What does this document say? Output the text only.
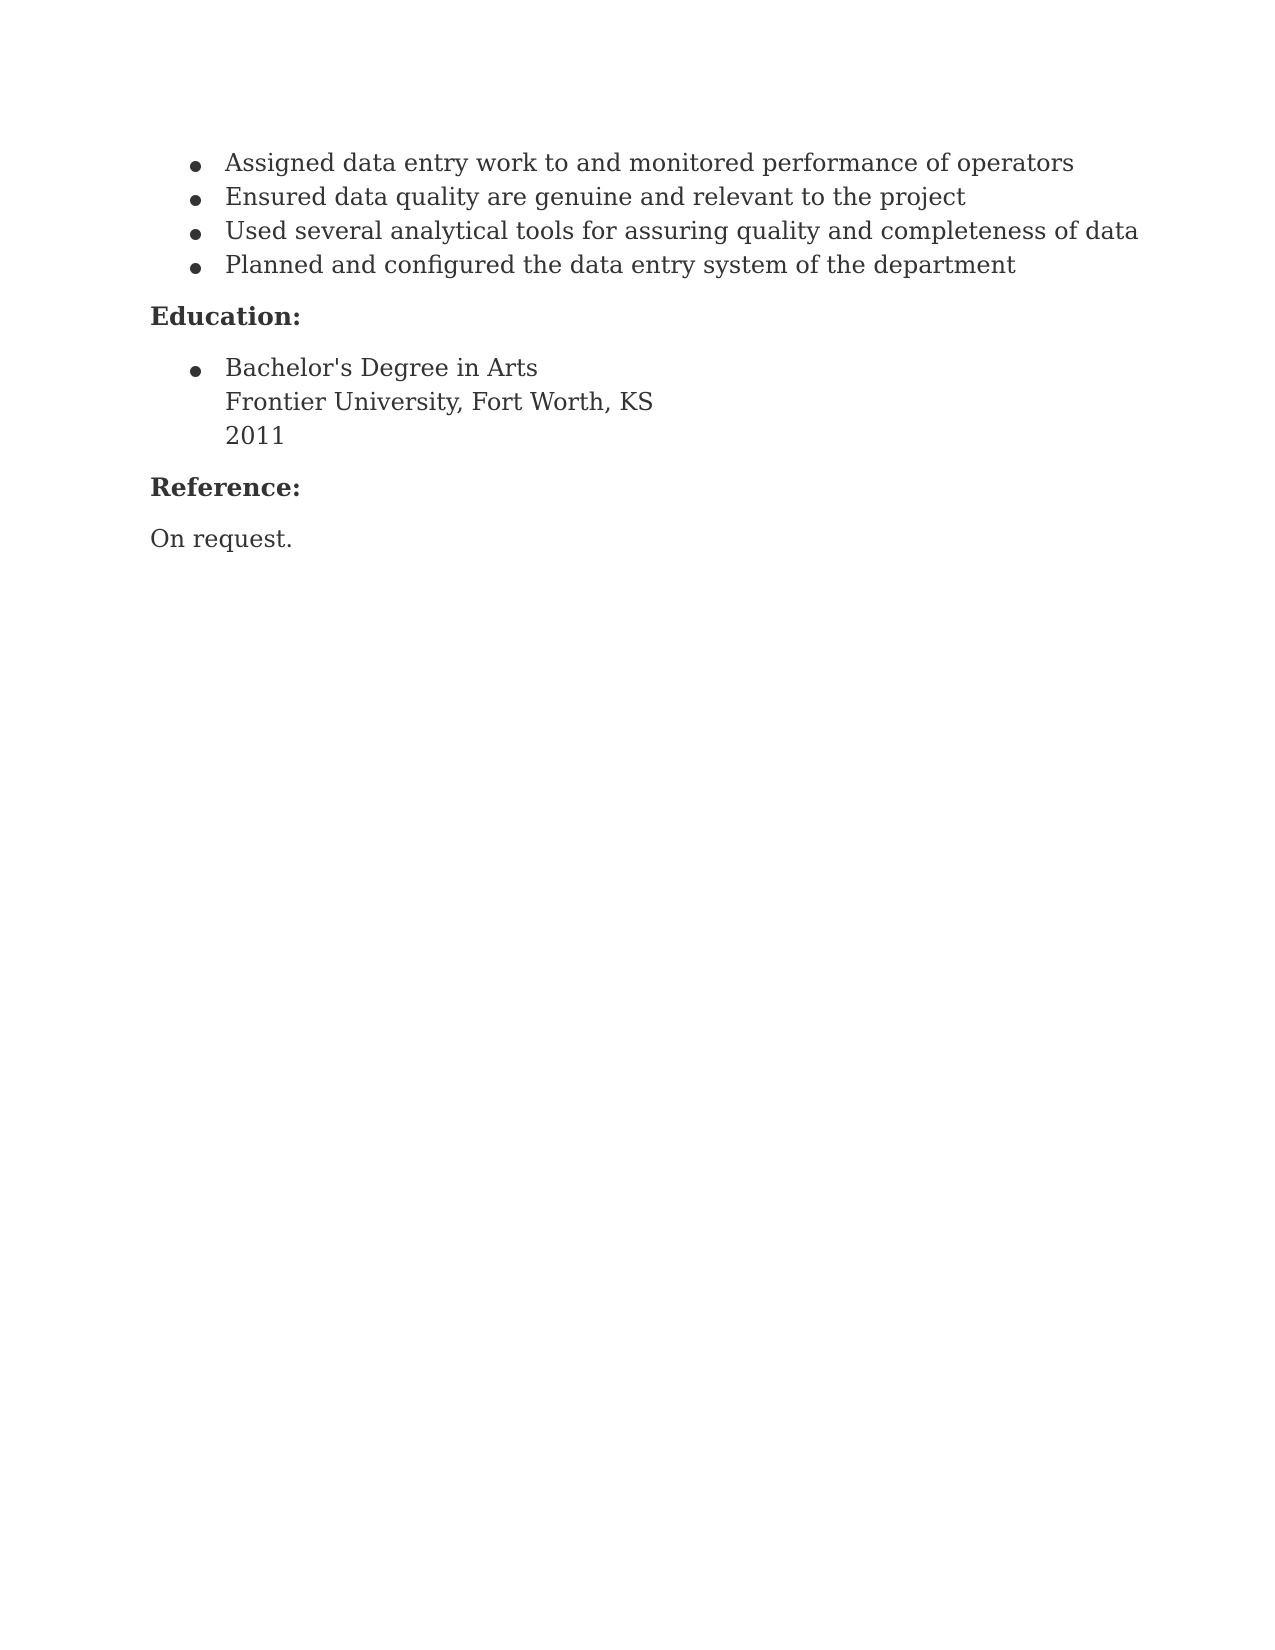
Assigned data entry work to and monitored performance of operators
Ensured data quality are genuine and relevant to the project
Used several analytical tools for assuring quality and completeness of data
Planned and configured the data entry system of the department
Education:
Bachelor's Degree in Arts
Frontier University, Fort Worth, KS
2011
Reference:

On request.
